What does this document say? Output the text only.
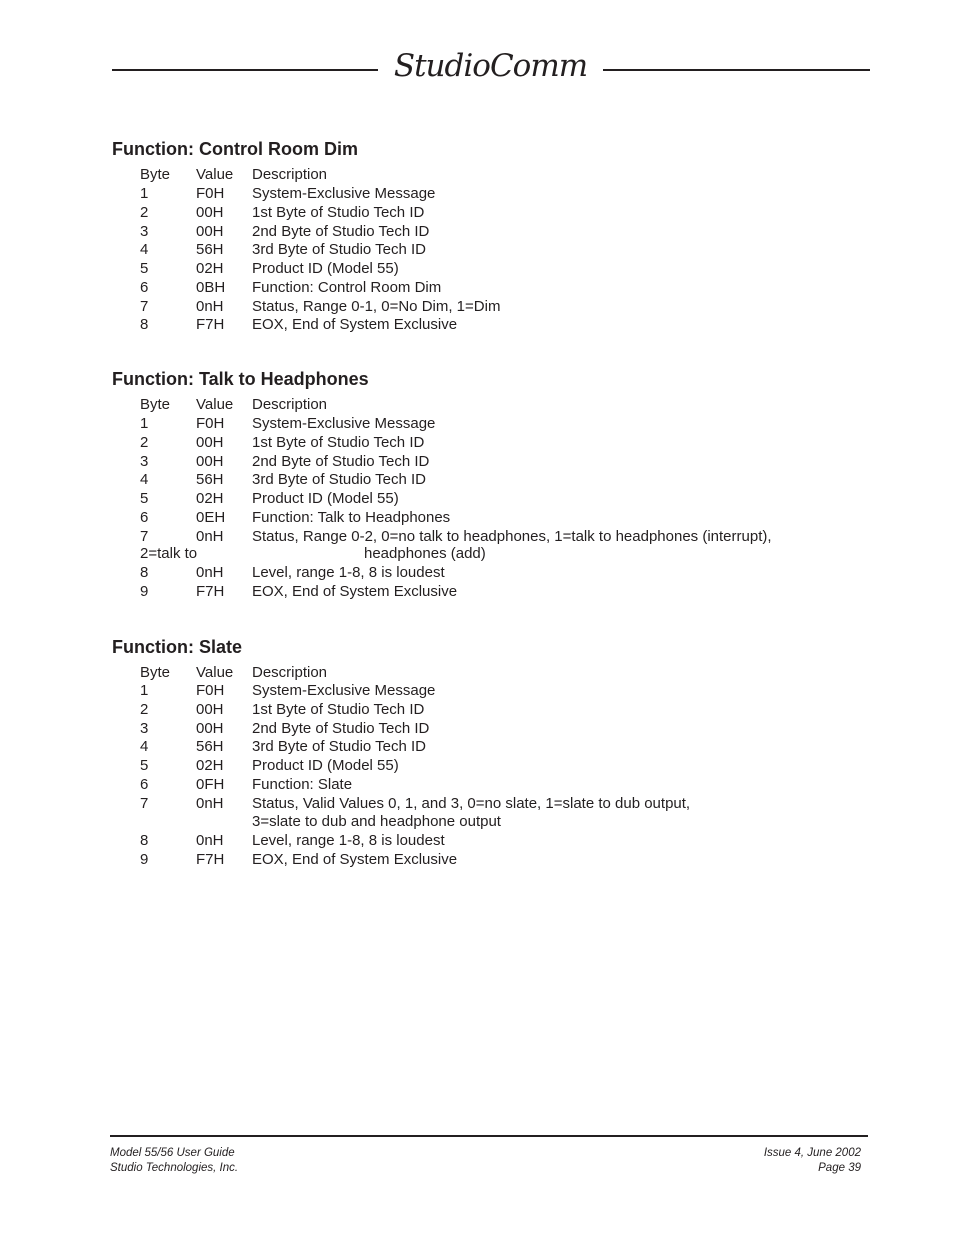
StudioComm
Function: Control Room Dim
Byte Value Description
1	F0H System-Exclusive Message
2	00H 1st Byte of Studio Tech ID
3	00H 2nd Byte of Studio Tech ID
4	56H 3rd Byte of Studio Tech ID
5	02H Product ID (Model 55)
6	0BH Function: Control Room Dim
7	0nH Status, Range 0-1, 0=No Dim, 1=Dim
8	F7H EOX, End of System Exclusive
Function: Talk to Headphones
Byte Value Description
1	F0H System-Exclusive Message
2	00H 1st Byte of Studio Tech ID
3	00H 2nd Byte of Studio Tech ID
4	56H 3rd Byte of Studio Tech ID
5	02H Product ID (Model 55)
6	0EH Function: Talk to Headphones
7	0nH Status, Range 0-2, 0=no talk to headphones, 1=talk to headphones (interrupt),
2=talk to	headphones (add)
8	0nH Level, range 1-8, 8 is loudest
9	F7H EOX, End of System Exclusive
Function: Slate
Byte Value Description
1	F0H System-Exclusive Message
2	00H 1st Byte of Studio Tech ID
3	00H 2nd Byte of Studio Tech ID
4	56H 3rd Byte of Studio Tech ID
5	02H Product ID (Model 55)
6	0FH Function: Slate
7	0nH Status, Valid Values 0, 1, and 3, 0=no slate, 1=slate to dub output,
3=slate to dub and headphone output
8	0nH Level, range 1-8, 8 is loudest
9	F7H EOX, End of System Exclusive
Model 55/56 User Guide
Studio Technologies, Inc.
Issue 4, June 2002
Page 39
